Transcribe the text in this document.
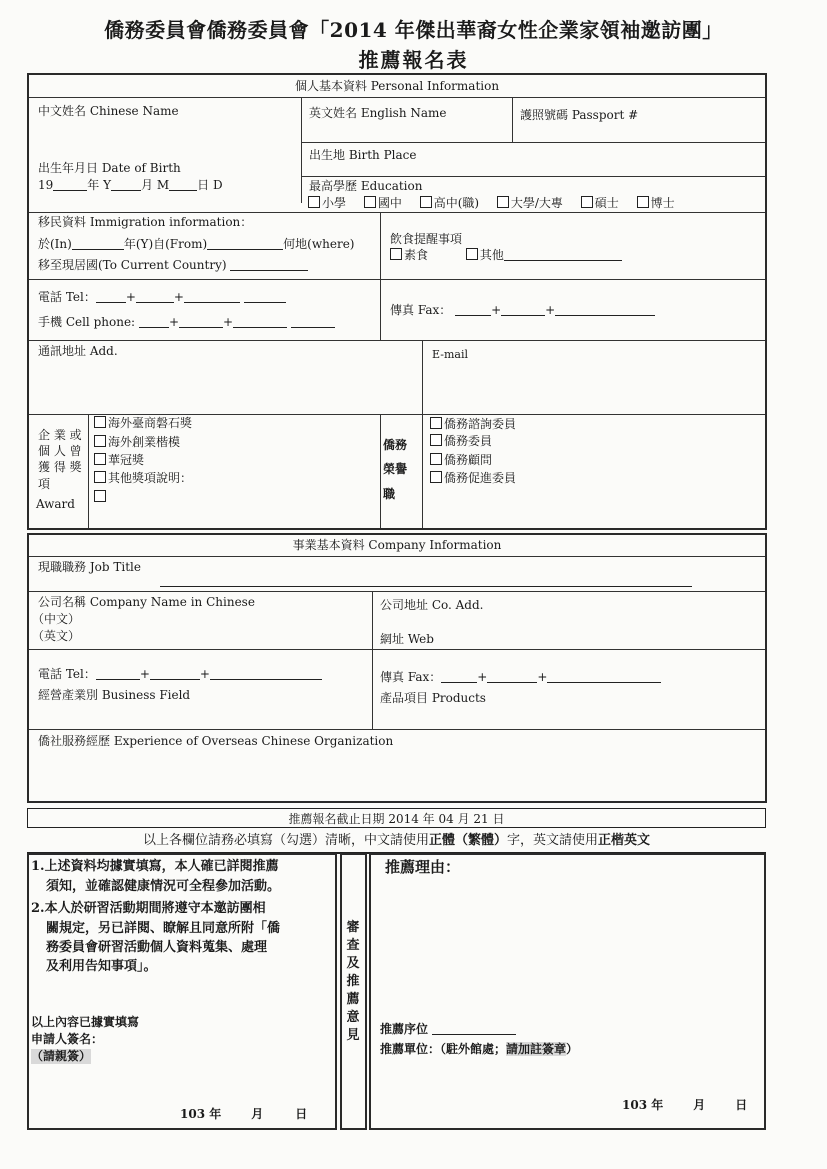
僑務委員會僑務委員會「2014 年傑出華裔女性企業家領袖邀訪團」
推薦報名表
個人基本資料 Personal Information
中文姓名 Chinese Name	英文姓名 English Name	護照號碼 Passport #
出生年月日 Date of Birth
19	年 Y	月 M 日 D
出生地 Birth Place
最高學歷 Education
小學	國中	高中(職)	大學/大專	碩士	博士
移民資料 Immigration information：
於(In)	年(Y)自(From)	何地(where)
移至現居國(To Current Country)
飲食提醒事項
素食	其他
電話 Tel：	+	+
手機 Cell phone:	+	+
傳真 Fax：	+	+
通訊地址 Add.	E-mail
企 業 或
個 人 曾
獲 得 獎
項
Award
海外臺商磐石獎
海外創業楷模
華冠獎
其他獎項說明：
僑務
榮譽
職
僑務諮詢委員
僑務委員
僑務顧問
僑務促進委員
事業基本資料 Company Information
現職職務 Job Title
公司名稱 Company Name in Chinese
（中文）
（英文）
公司地址 Co. Add.
網址 Web
電話 Tel：	+	+	傳真 Fax：	+	+
經營產業別 Business Field	產品項目 Products
僑社服務經歷 Experience of Overseas Chinese Organization
推薦報名截止日期 2014 年 04 月 21 日
以上各欄位請務必填寫（勾選）清晰，中文請使用正體（繁體）字，英文請使用正楷英文
1.上述資料均據實填寫，本人確已詳閱推薦
須知，並確認健康情況可全程參加活動。
2.本人於研習活動期間將遵守本邀訪團相
關規定，另已詳閱、瞭解且同意所附「僑
務委員會研習活動個人資料蒐集、處理
及利用告知事項」。
以上內容已據實填寫
申請人簽名：
（請親簽）
103 年	月	日
審
查
及
推
薦
意
見
推薦理由：
推薦序位
推薦單位：（駐外館處；請加註簽章）
103 年	月	日
